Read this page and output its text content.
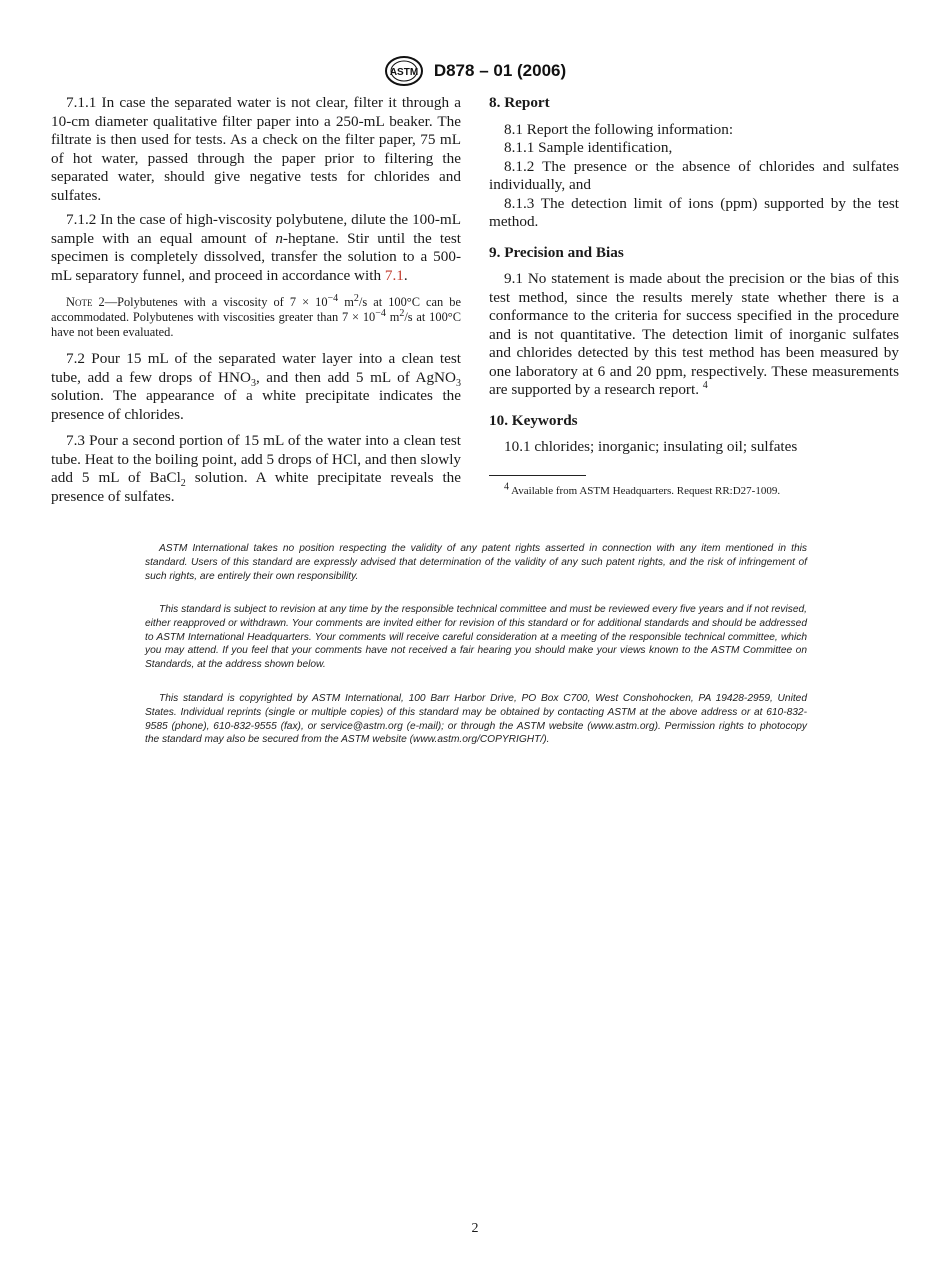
ASTM D878 – 01 (2006)

7.1.1 In case the separated water is not clear, filter it through a 10-cm diameter qualitative filter paper into a 250-mL beaker. The filtrate is then used for tests. As a check on the filter paper, 75 mL of hot water, passed through the paper prior to filtering the separated water, should give negative tests for chlorides and sulfates.

7.1.2 In the case of high-viscosity polybutene, dilute the 100-mL sample with an equal amount of n-heptane. Stir until the test specimen is completely dissolved, transfer the solution to a 500-mL separatory funnel, and proceed in accordance with 7.1.

Note 2—Polybutenes with a viscosity of $7 \times 10^{-4}$ $m^2/s$ at 100°C can be accommodated. Polybutenes with viscosities greater than $7 \times 10^{-4}$ $m^2/s$ at 100°C have not been evaluated.

7.2 Pour 15 mL of the separated water layer into a clean test tube, add a few drops of $HNO_3$, and then add 5 mL of AgNO$_3$ solution. The appearance of a white precipitate indicates the presence of chlorides.

7.3 Pour a second portion of 15 mL of the water into a clean test tube. Heat to the boiling point, add 5 drops of HCl, and then slowly add 5 mL of BaCl$_2$ solution. A white precipitate reveals the presence of sulfates.

8. Report

8.1 Report the following information:

8.1.1 Sample identification,

8.1.2 The presence or the absence of chlorides and sulfates individually, and

8.1.3 The detection limit of ions (ppm) supported by the test method.

9. Precision and Bias

9.1 No statement is made about the precision or the bias of this test method, since the results merely state whether there is a conformance to the criteria for success specified in the procedure and is not quantitative. The detection limit of inorganic sulfates and chlorides detected by this test method has been measured by one laboratory at 6 and 20 ppm, respectively. These measurements are supported by a research report. $^4$

10. Keywords

10.1 chlorides; inorganic; insulating oil; sulfates

$^4$ Available from ASTM Headquarters. Request RR:D27-1009.

ASTM International takes no position respecting the validity of any patent rights asserted in connection with any item mentioned in this standard. Users of this standard are expressly advised that determination of the validity of any such patent rights, and the risk of infringement of such rights, are entirely their own responsibility.

This standard is subject to revision at any time by the responsible technical committee and must be reviewed every five years and if not revised, either reapproved or withdrawn. Your comments are invited either for revision of this standard or for additional standards and should be addressed to ASTM International Headquarters. Your comments will receive careful consideration at a meeting of the responsible technical committee, which you may attend. If you feel that your comments have not received a fair hearing you should make your views known to the ASTM Committee on Standards, at the address shown below.

This standard is copyrighted by ASTM International, 100 Barr Harbor Drive, PO Box C700, West Conshohocken, PA 19428-2959, United States. Individual reprints (single or multiple copies) of this standard may be obtained by contacting ASTM at the above address or at 610-832-9585 (phone), 610-832-9555 (fax), or service@astm.org (e-mail); or through the ASTM website (www.astm.org). Permission rights to photocopy the standard may also be secured from the ASTM website (www.astm.org/COPYRIGHT/).

2
